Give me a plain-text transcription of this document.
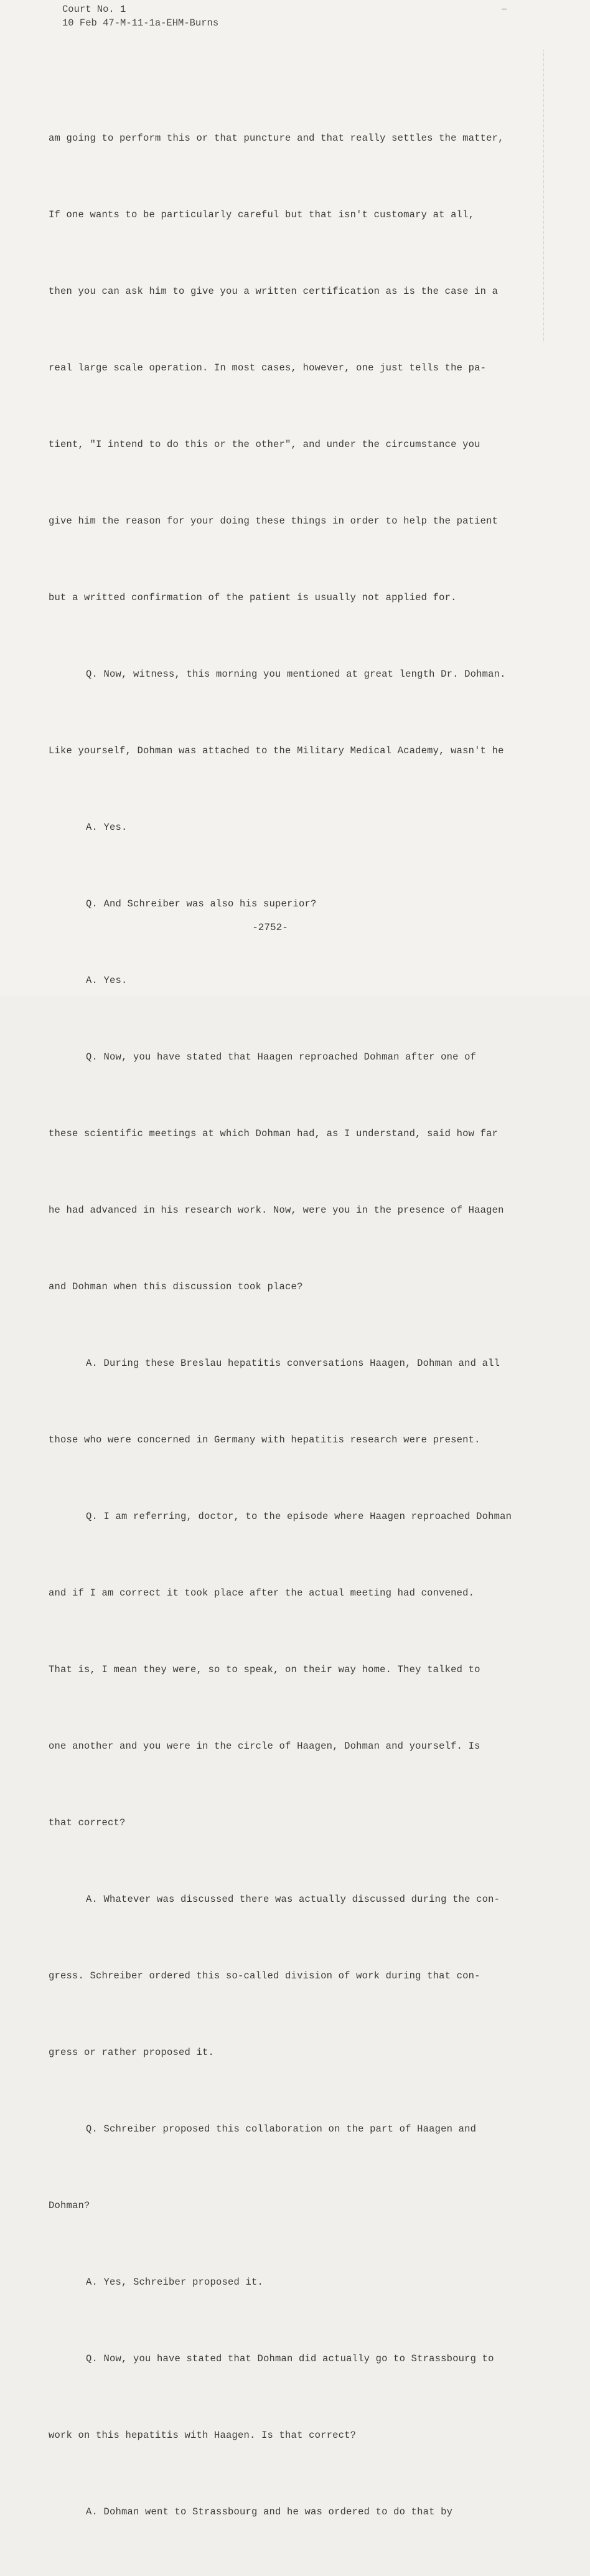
Court No. 1
10 Feb 47-M-11-1a-EHM-Burns

am going to perform this or that puncture and that really settles the matter,

If one wants to be particularly careful but that isn't customary at all,

then you can ask him to give you a written certification as is the case in a

real large scale operation. In most cases, however, one just tells the pa-

tient, "I intend to do this or the other", and under the circumstance you

give him the reason for your doing these things in order to help the patient

but a writted confirmation of the patient is usually not applied for.

Q. Now, witness, this morning you mentioned at great length Dr. Dohman.

Like yourself, Dohman was attached to the Military Medical Academy, wasn't he

A. Yes.

Q. And Schreiber was also his superior?

A. Yes.

Q. Now, you have stated that Haagen reproached Dohman after one of

these scientific meetings at which Dohman had, as I understand, said how far

he had advanced in his research work. Now, were you in the presence of Haagen

and Dohman when this discussion took place?

A. During these Breslau hepatitis conversations Haagen, Dohman and all

those who were concerned in Germany with hepatitis research were present.

Q. I am referring, doctor, to the episode where Haagen reproached Dohman

and if I am correct it took place after the actual meeting had convened.

That is, I mean they were, so to speak, on their way home. They talked to

one another and you were in the circle of Haagen, Dohman and yourself. Is

that correct?

A. Whatever was discussed there was actually discussed during the con-

gress. Schreiber ordered this so-called division of work during that con-

gress or rather proposed it.

Q. Schreiber proposed this collaboration on the part of Haagen and

Dohman?

A. Yes, Schreiber proposed it.

Q. Now, you have stated that Dohman did actually go to Strassbourg to

work on this hepatitis with Haagen. Is that correct?

A. Dohman went to Strassbourg and he was ordered to do that by

-2752-
